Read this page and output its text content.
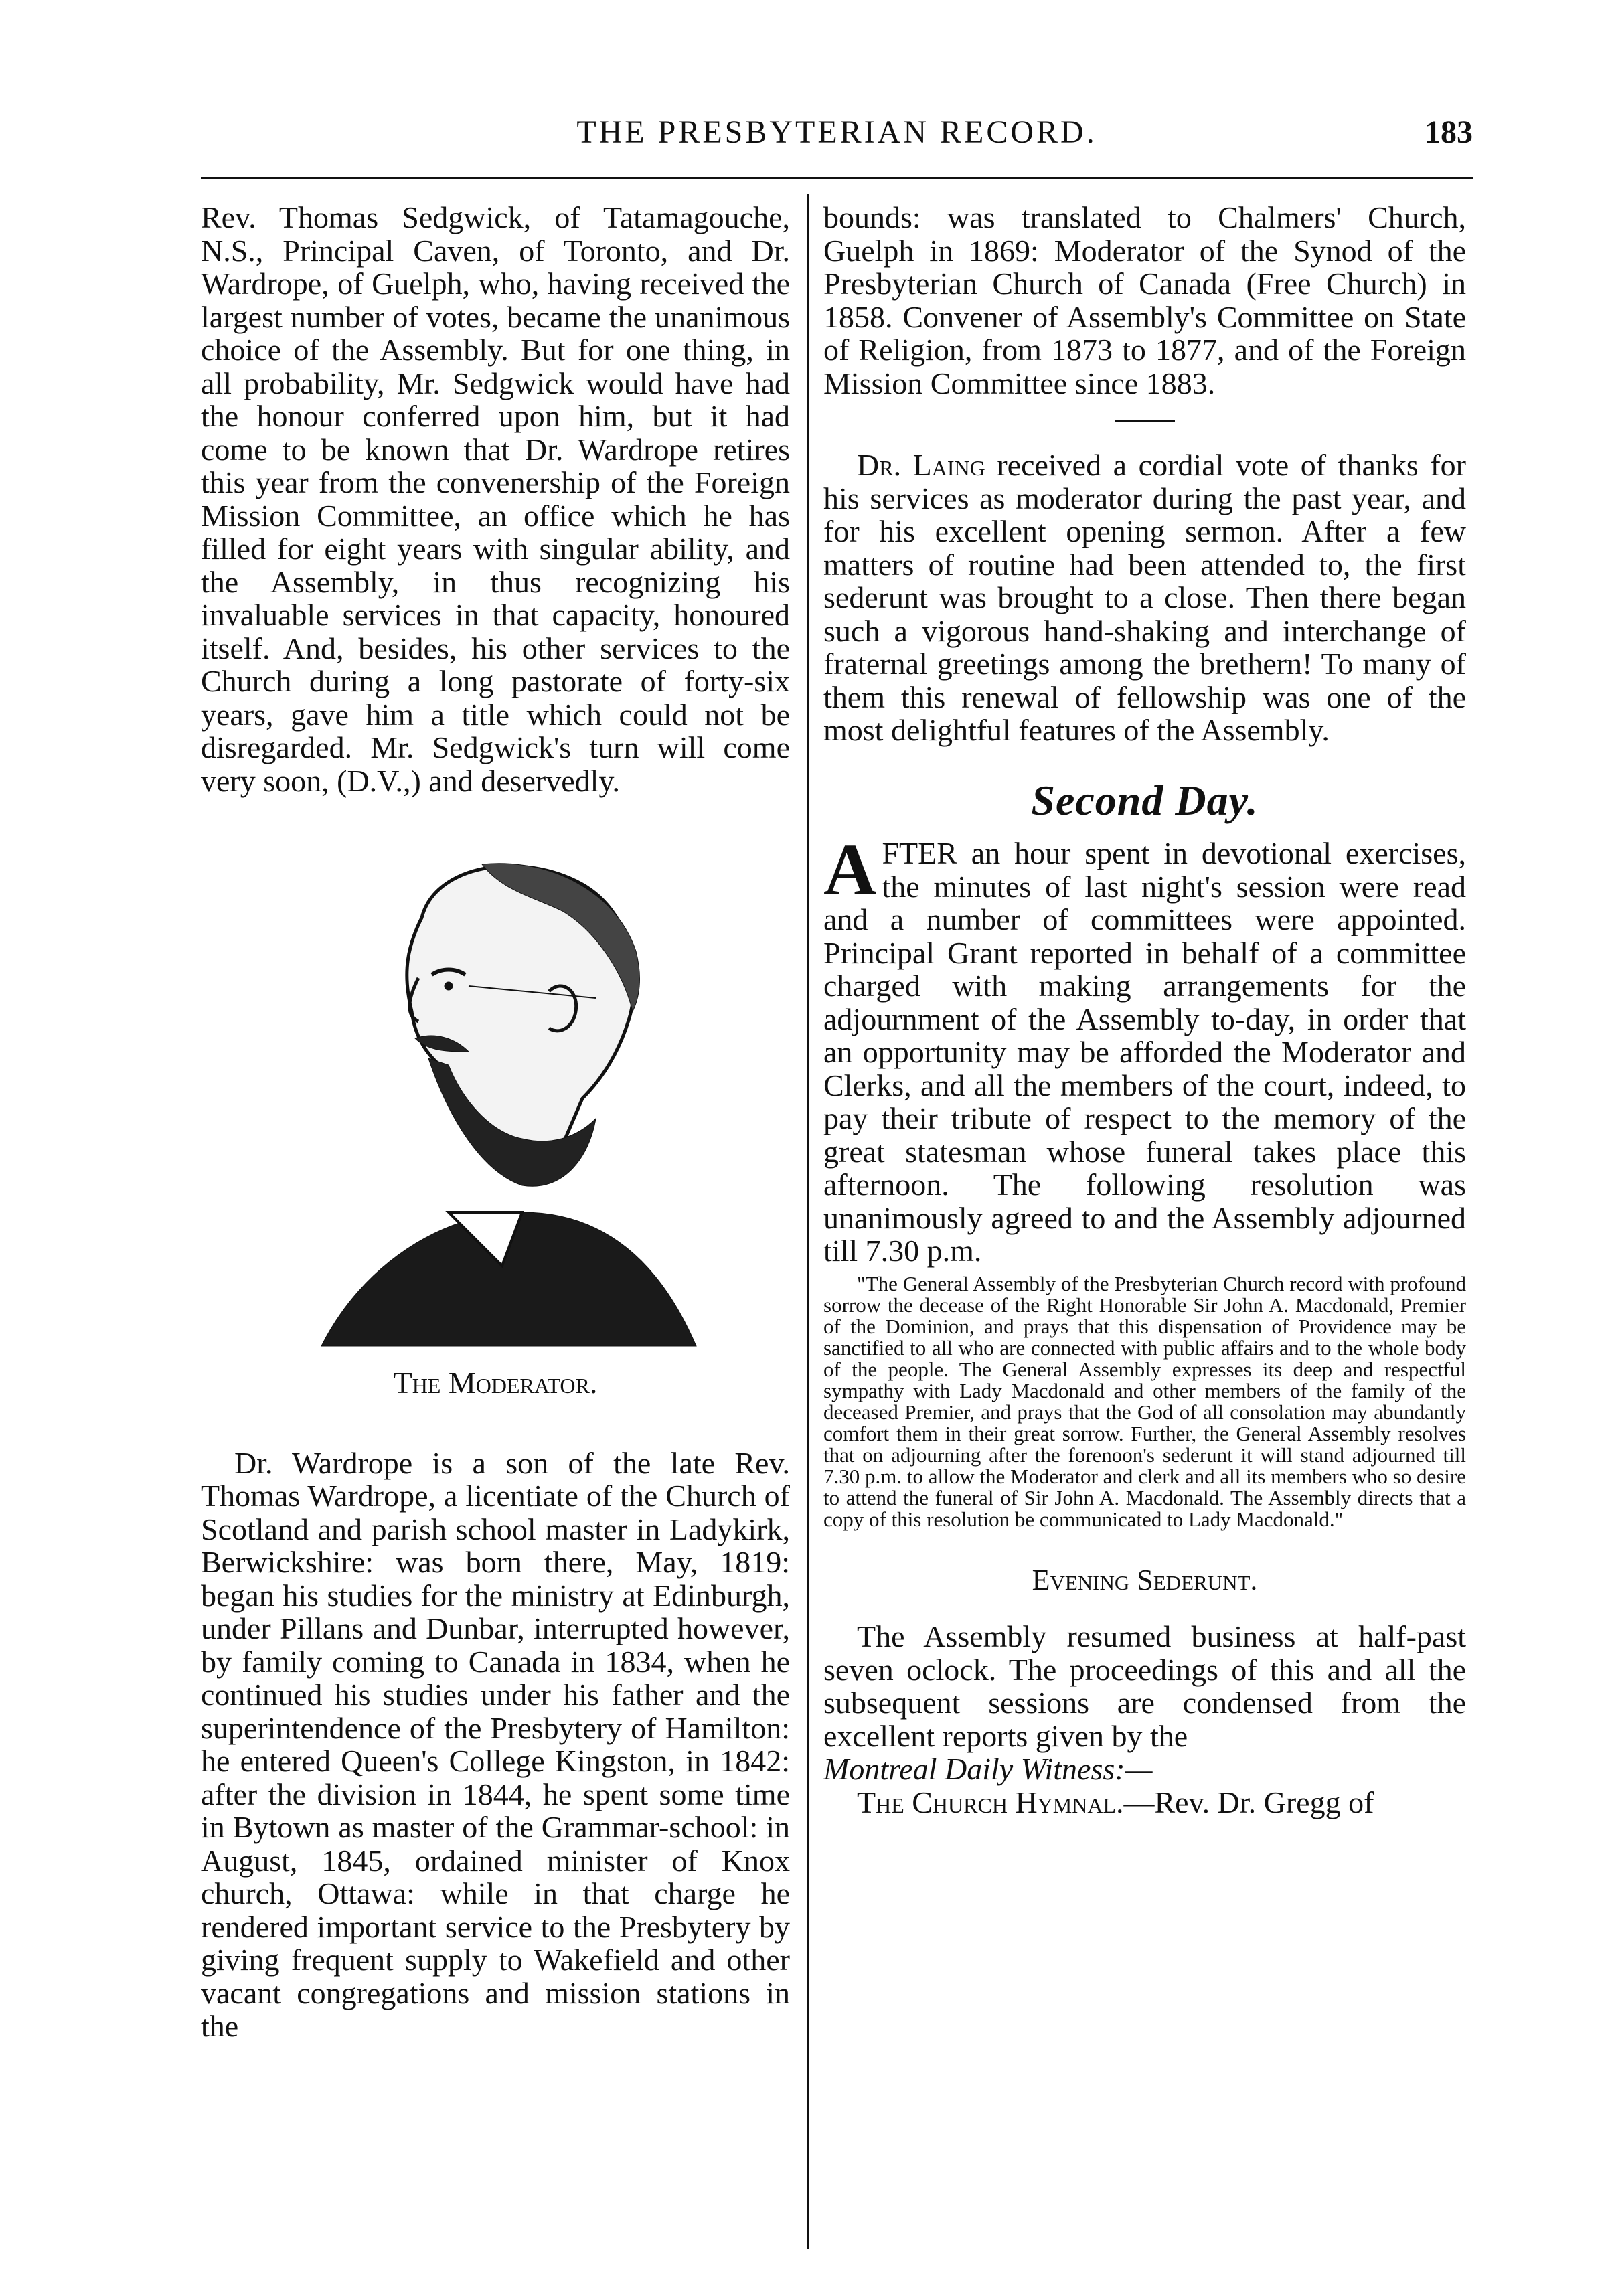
THE PRESBYTERIAN RECORD.	183

Rev. Thomas Sedgwick, of Tatamagouche, N.S., Principal Caven, of Toronto, and Dr. Wardrope, of Guelph, who, having received the largest number of votes, became the unanimous choice of the Assembly. But for one thing, in all probability, Mr. Sedgwick would have had the honour conferred upon him, but it had come to be known that Dr. Wardrope retires this year from the convenership of the Foreign Mission Committee, an office which he has filled for eight years with singular ability, and the Assembly, in thus recognizing his invaluable services in that capacity, honoured itself. And, besides, his other services to the Church during a long pastorate of forty-six years, gave him a title which could not be disregarded. Mr. Sedgwick's turn will come very soon, (D.V.,) and deservedly.

The Moderator.

Dr. Wardrope is a son of the late Rev. Thomas Wardrope, a licentiate of the Church of Scotland and parish school master in Ladykirk, Berwickshire: was born there, May, 1819: began his studies for the ministry at Edinburgh, under Pillans and Dunbar, interrupted however, by family coming to Canada in 1834, when he continued his studies under his father and the superintendence of the Presbytery of Hamilton: he entered Queen's College Kingston, in 1842: after the division in 1844, he spent some time in Bytown as master of the Grammar-school: in August, 1845, ordained minister of Knox church, Ottawa: while in that charge he rendered important service to the Presbytery by giving frequent supply to Wakefield and other vacant congregations and mission stations in the

bounds: was translated to Chalmers' Church, Guelph in 1869: Moderator of the Synod of the Presbyterian Church of Canada (Free Church) in 1858. Convener of Assembly's Committee on State of Religion, from 1873 to 1877, and of the Foreign Mission Committee since 1883.

Dr. Laing received a cordial vote of thanks for his services as moderator during the past year, and for his excellent opening sermon. After a few matters of routine had been attended to, the first sederunt was brought to a close. Then there began such a vigorous hand-shaking and interchange of fraternal greetings among the brethern! To many of them this renewal of fellowship was one of the most delightful features of the Assembly.

Second Day.

AFTER an hour spent in devotional exercises, the minutes of last night's session were read and a number of committees were appointed. Principal Grant reported in behalf of a committee charged with making arrangements for the adjournment of the Assembly to-day, in order that an opportunity may be afforded the Moderator and Clerks, and all the members of the court, indeed, to pay their tribute of respect to the memory of the great statesman whose funeral takes place this afternoon. The following resolution was unanimously agreed to and the Assembly adjourned till 7.30 p.m.

"The General Assembly of the Presbyterian Church record with profound sorrow the decease of the Right Honorable Sir John A. Macdonald, Premier of the Dominion, and prays that this dispensation of Providence may be sanctified to all who are connected with public affairs and to the whole body of the people. The General Assembly expresses its deep and respectful sympathy with Lady Macdonald and other members of the family of the deceased Premier, and prays that the God of all consolation may abundantly comfort them in their great sorrow. Further, the General Assembly resolves that on adjourning after the forenoon's sederunt it will stand adjourned till 7.30 p.m. to allow the Moderator and clerk and all its members who so desire to attend the funeral of Sir John A. Macdonald. The Assembly directs that a copy of this resolution be communicated to Lady Macdonald."

Evening Sederunt.

The Assembly resumed business at half-past seven oclock. The proceedings of this and all the subsequent sessions are condensed from the excellent reports given by the

Montreal Daily Witness:—

The Church Hymnal.—Rev. Dr. Gregg of
